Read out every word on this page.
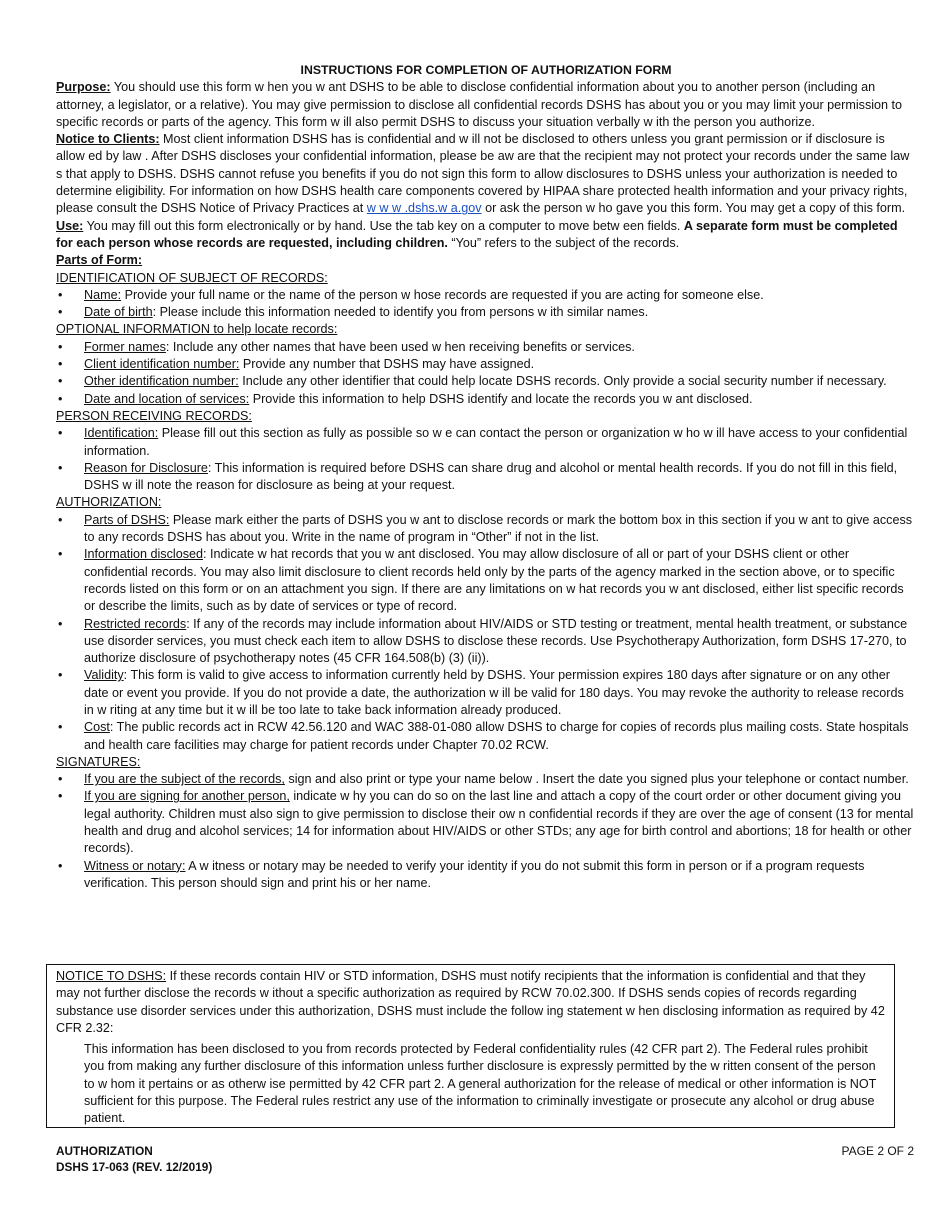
INSTRUCTIONS FOR COMPLETION OF AUTHORIZATION FORM

Purpose: You should use this form w hen you w ant DSHS to be able to disclose confidential information about you to another person (including an attorney, a legislator, or a relative). You may give permission to disclose all confidential records DSHS has about you or you may limit your permission to specific records or parts of the agency. This form w ill also permit DSHS to discuss your situation verbally w ith the person you authorize.

Notice to Clients: Most client information DSHS has is confidential and w ill not be disclosed to others unless you grant permission or if disclosure is allow ed by law . After DSHS discloses your confidential information, please be aw are that the recipient may not protect your records under the same law s that apply to DSHS. DSHS cannot refuse you benefits if you do not sign this form to allow disclosures to DSHS unless your authorization is needed to determine eligibility. For information on how DSHS health care components covered by HIPAA share protected health information and your privacy rights, please consult the DSHS Notice of Privacy Practices at w w w .dshs.w a.gov or ask the person w ho gave you this form. You may get a copy of this form.

Use: You may fill out this form electronically or by hand. Use the tab key on a computer to move betw een fields. A separate form must be completed for each person whose records are requested, including children. “You” refers to the subject of the records.

Parts of Form:

IDENTIFICATION OF SUBJECT OF RECORDS:

• Name: Provide your full name or the name of the person w hose records are requested if you are acting for someone else.
• Date of birth: Please include this information needed to identify you from persons w ith similar names.

OPTIONAL INFORMATION to help locate records:

• Former names: Include any other names that have been used w hen receiving benefits or services.
• Client identification number: Provide any number that DSHS may have assigned.
• Other identification number: Include any other identifier that could help locate DSHS records. Only provide a social security number if necessary.
• Date and location of services: Provide this information to help DSHS identify and locate the records you w ant disclosed.

PERSON RECEIVING RECORDS:

• Identification: Please fill out this section as fully as possible so w e can contact the person or organization w ho w ill have access to your confidential information.
• Reason for Disclosure: This information is required before DSHS can share drug and alcohol or mental health records. If you do not fill in this field, DSHS w ill note the reason for disclosure as being at your request.

AUTHORIZATION:

• Parts of DSHS: Please mark either the parts of DSHS you w ant to disclose records or mark the bottom box in this section if you w ant to give access to any records DSHS has about you. Write in the name of program in “Other” if not in the list.
• Information disclosed: Indicate w hat records that you w ant disclosed. You may allow disclosure of all or part of your DSHS client or other confidential records. You may also limit disclosure to client records held only by the parts of the agency marked in the section above, or to specific records listed on this form or on an attachment you sign. If there are any limitations on w hat records you w ant disclosed, either list specific records or describe the limits, such as by date of services or type of record.
• Restricted records: If any of the records may include information about HIV/AIDS or STD testing or treatment, mental health treatment, or substance use disorder services, you must check each item to allow DSHS to disclose these records. Use Psychotherapy Authorization, form DSHS 17-270, to authorize disclosure of psychotherapy notes (45 CFR 164.508(b) (3) (ii)).
• Validity: This form is valid to give access to information currently held by DSHS. Your permission expires 180 days after signature or on any other date or event you provide. If you do not provide a date, the authorization w ill be valid for 180 days. You may revoke the authority to release records in w riting at any time but it w ill be too late to take back information already produced.
• Cost: The public records act in RCW 42.56.120 and WAC 388-01-080 allow DSHS to charge for copies of records plus mailing costs. State hospitals and health care facilities may charge for patient records under Chapter 70.02 RCW.

SIGNATURES:

• If you are the subject of the records, sign and also print or type your name below . Insert the date you signed plus your telephone or contact number.
• If you are signing for another person, indicate w hy you can do so on the last line and attach a copy of the court order or other document giving you legal authority. Children must also sign to give permission to disclose their ow n confidential records if they are over the age of consent (13 for mental health and drug and alcohol services; 14 for information about HIV/AIDS or other STDs; any age for birth control and abortions; 18 for health or other records).
• Witness or notary: A w itness or notary may be needed to verify your identity if you do not submit this form in person or if a program requests verification. This person should sign and print his or her name.

NOTICE TO DSHS: If these records contain HIV or STD information, DSHS must notify recipients that the information is confidential and that they may not further disclose the records w ithout a specific authorization as required by RCW 70.02.300. If DSHS sends copies of records regarding substance use disorder services under this authorization, DSHS must include the follow ing statement w hen disclosing information as required by 42 CFR 2.32:

This information has been disclosed to you from records protected by Federal confidentiality rules (42 CFR part 2). The Federal rules prohibit you from making any further disclosure of this information unless further disclosure is expressly permitted by the w ritten consent of the person to w hom it pertains or as otherw ise permitted by 42 CFR part 2. A general authorization for the release of medical or other information is NOT sufficient for this purpose. The Federal rules restrict any use of the information to criminally investigate or prosecute any alcohol or drug abuse patient.

AUTHORIZATION
DSHS 17-063 (REV. 12/2019)
PAGE 2 OF 2
